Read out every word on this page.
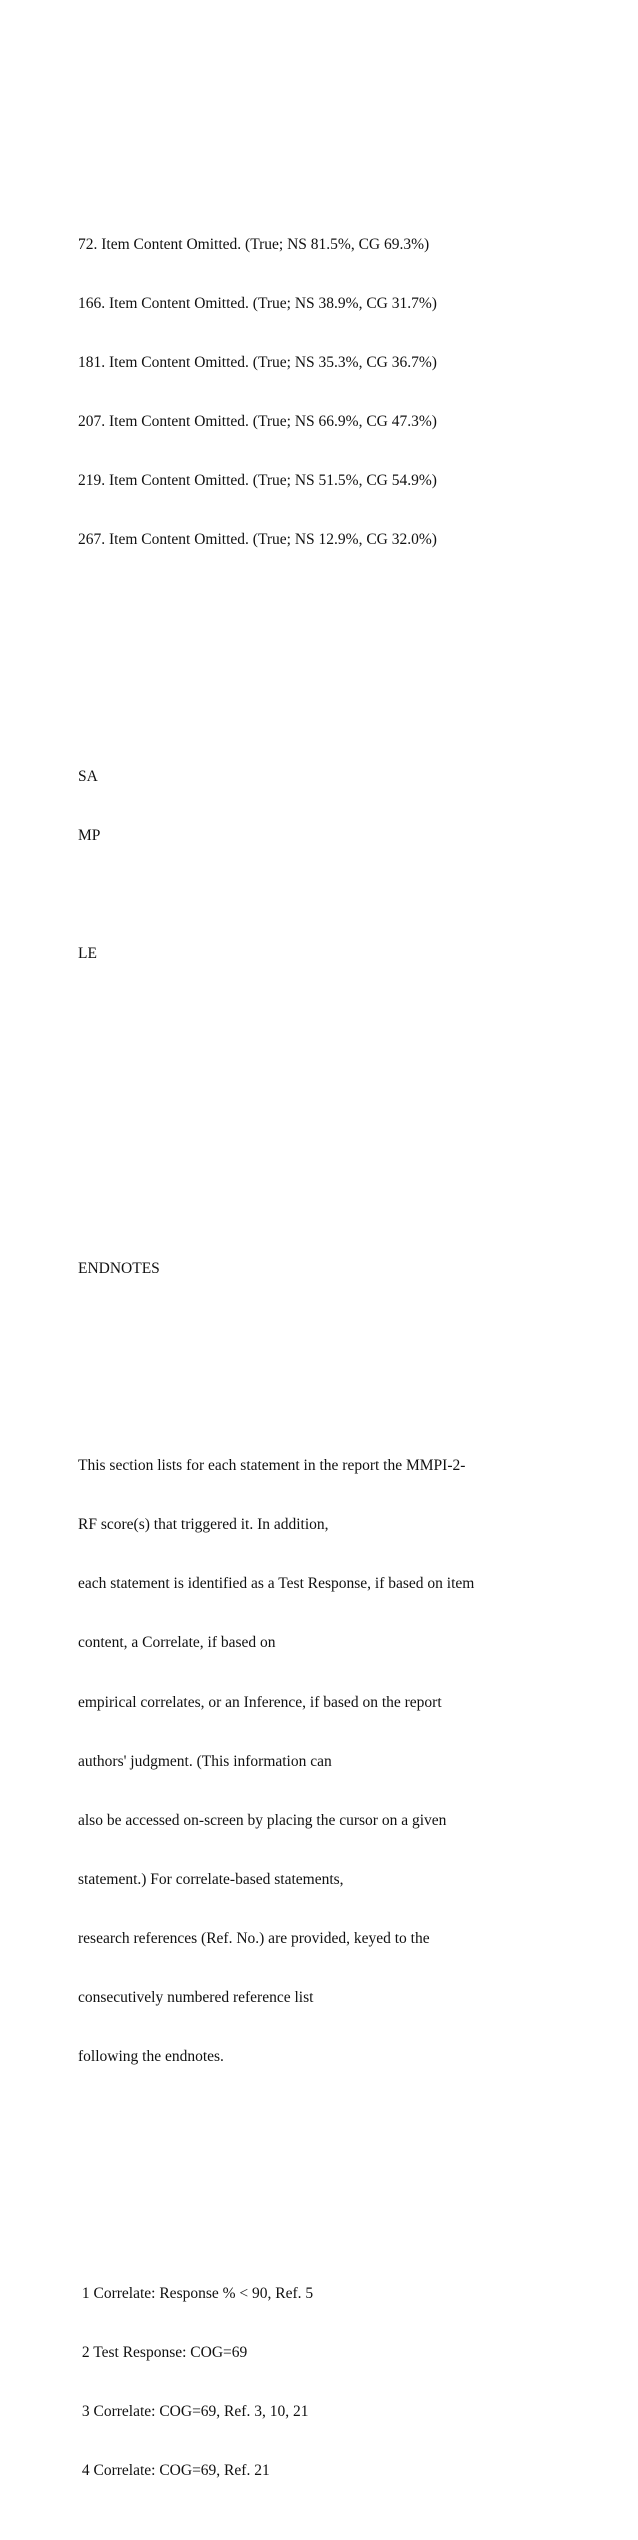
72. Item Content Omitted. (True; NS 81.5%, CG 69.3%)

166. Item Content Omitted. (True; NS 38.9%, CG 31.7%)

181. Item Content Omitted. (True; NS 35.3%, CG 36.7%)

207. Item Content Omitted. (True; NS 66.9%, CG 47.3%)

219. Item Content Omitted. (True; NS 51.5%, CG 54.9%)

267. Item Content Omitted. (True; NS 12.9%, CG 32.0%)

SA

MP

LE

ENDNOTES

This section lists for each statement in the report the MMPI-2-

RF score(s) that triggered it. In addition,

each statement is identified as a Test Response, if based on item

content, a Correlate, if based on

empirical correlates, or an Inference, if based on the report

authors' judgment. (This information can

also be accessed on-screen by placing the cursor on a given

statement.) For correlate-based statements,

research references (Ref. No.) are provided, keyed to the

consecutively numbered reference list

following the endnotes.

1 Correlate: Response % < 90, Ref. 5

2 Test Response: COG=69

3 Correlate: COG=69, Ref. 3, 10, 21

4 Correlate: COG=69, Ref. 21
